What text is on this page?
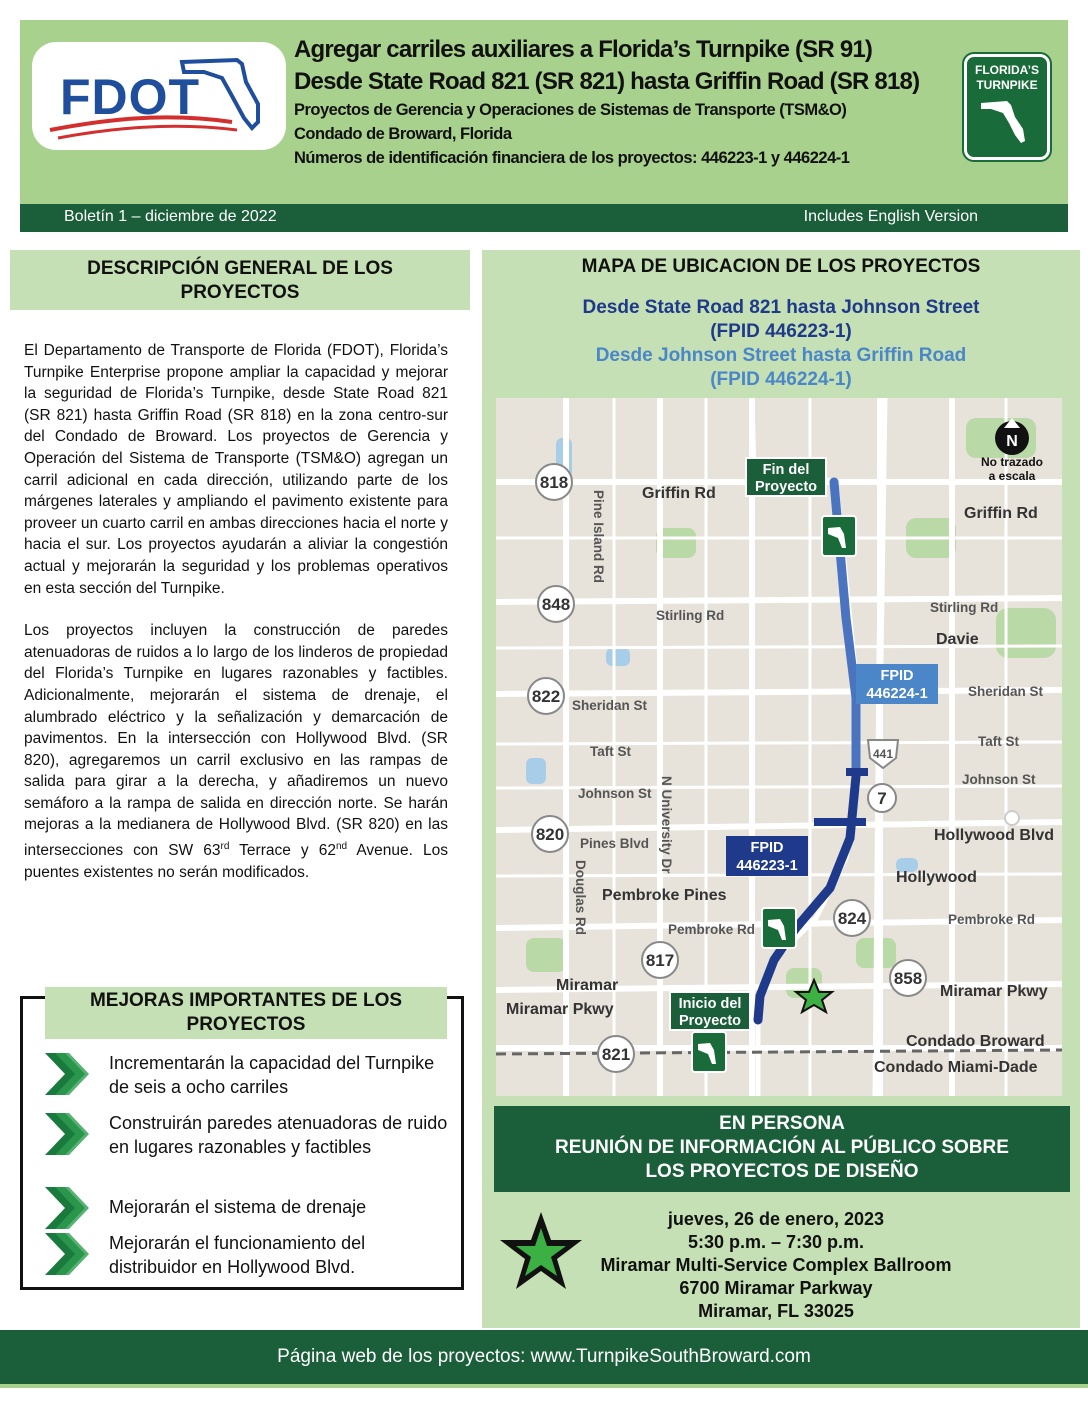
FDOT
Agregar carriles auxiliares a Florida’s Turnpike (SR 91)
Desde State Road 821 (SR 821) hasta Griffin Road (SR 818)
Proyectos de Gerencia y Operaciones de Sistemas de Transporte (TSM&O)
Condado de Broward, Florida
Números de identificación financiera de los proyectos: 446223-1 y 446224-1
FLORIDA’S TURNPIKE
Boletín 1 – diciembre de 2022	Includes English Version
DESCRIPCIÓN GENERAL DE LOS PROYECTOS

El Departamento de Transporte de Florida (FDOT), Florida’s Turnpike Enterprise propone ampliar la capacidad y mejorar la seguridad de Florida’s Turnpike, desde State Road 821 (SR 821) hasta Griffin Road (SR 818) en la zona centro-sur del Condado de Broward. Los proyectos de Gerencia y Operación del Sistema de Transporte (TSM&O) agregan un carril adicional en cada dirección, utilizando parte de los márgenes laterales y ampliando el pavimento existente para proveer un cuarto carril en ambas direcciones hacia el norte y hacia el sur. Los proyectos ayudarán a aliviar la congestión actual y mejorarán la seguridad y los problemas operativos en esta sección del Turnpike.

Los proyectos incluyen la construcción de paredes atenuadoras de ruidos a lo largo de los linderos de propiedad del Florida’s Turnpike en lugares razonables y factibles. Adicionalmente, mejorarán el sistema de drenaje, el alumbrado eléctrico y la señalización y demarcación de pavimentos. En la intersección con Hollywood Blvd. (SR 820), agregaremos un carril exclusivo en las rampas de salida para girar a la derecha, y añadiremos un nuevo semáforo a la rampa de salida en dirección norte. Se harán mejoras a la medianera de Hollywood Blvd. (SR 820) en las intersecciones con SW 63rd Terrace y 62nd Avenue. Los puentes existentes no serán modificados.

MEJORAS IMPORTANTES DE LOS PROYECTOS
Incrementarán la capacidad del Turnpike de seis a ocho carriles
Construirán paredes atenuadoras de ruido en lugares razonables y factibles
Mejorarán el sistema de drenaje
Mejorarán el funcionamiento del distribuidor en Hollywood Blvd.
MAPA DE UBICACION DE LOS PROYECTOS
Desde State Road 821 hasta Johnson Street
(FPID 446223-1)
Desde Johnson Street hasta Griffin Road
(FPID 446224-1)
818
848
822
820
817
821
824
858
441
7
Griffin Rd
Griffin Rd
Stirling Rd
Stirling Rd
Sheridan St
Sheridan St
Taft St
Taft St
Johnson St
Johnson St
Pines Blvd	Hollywood Blvd
Pembroke Rd
Pembroke Rd
Miramar Pkwy
Miramar Pkwy
Pine Island Rd
N University Dr
Douglas Rd
Davie
Hollywood
Pembroke Pines
Miramar
Condado Broward
Condado Miami-Dade
N
No trazado
a escala
Fin del
Proyecto
Inicio del
Proyecto
FPID
446224-1
FPID
446223-1
EN PERSONA
REUNIÓN DE INFORMACIÓN AL PÚBLICO SOBRE
LOS PROYECTOS DE DISEÑO
jueves, 26 de enero, 2023
5:30 p.m. – 7:30 p.m.
Miramar Multi-Service Complex Ballroom
6700 Miramar Parkway
Miramar, FL 33025
Página web de los proyectos: www.TurnpikeSouthBroward.com
